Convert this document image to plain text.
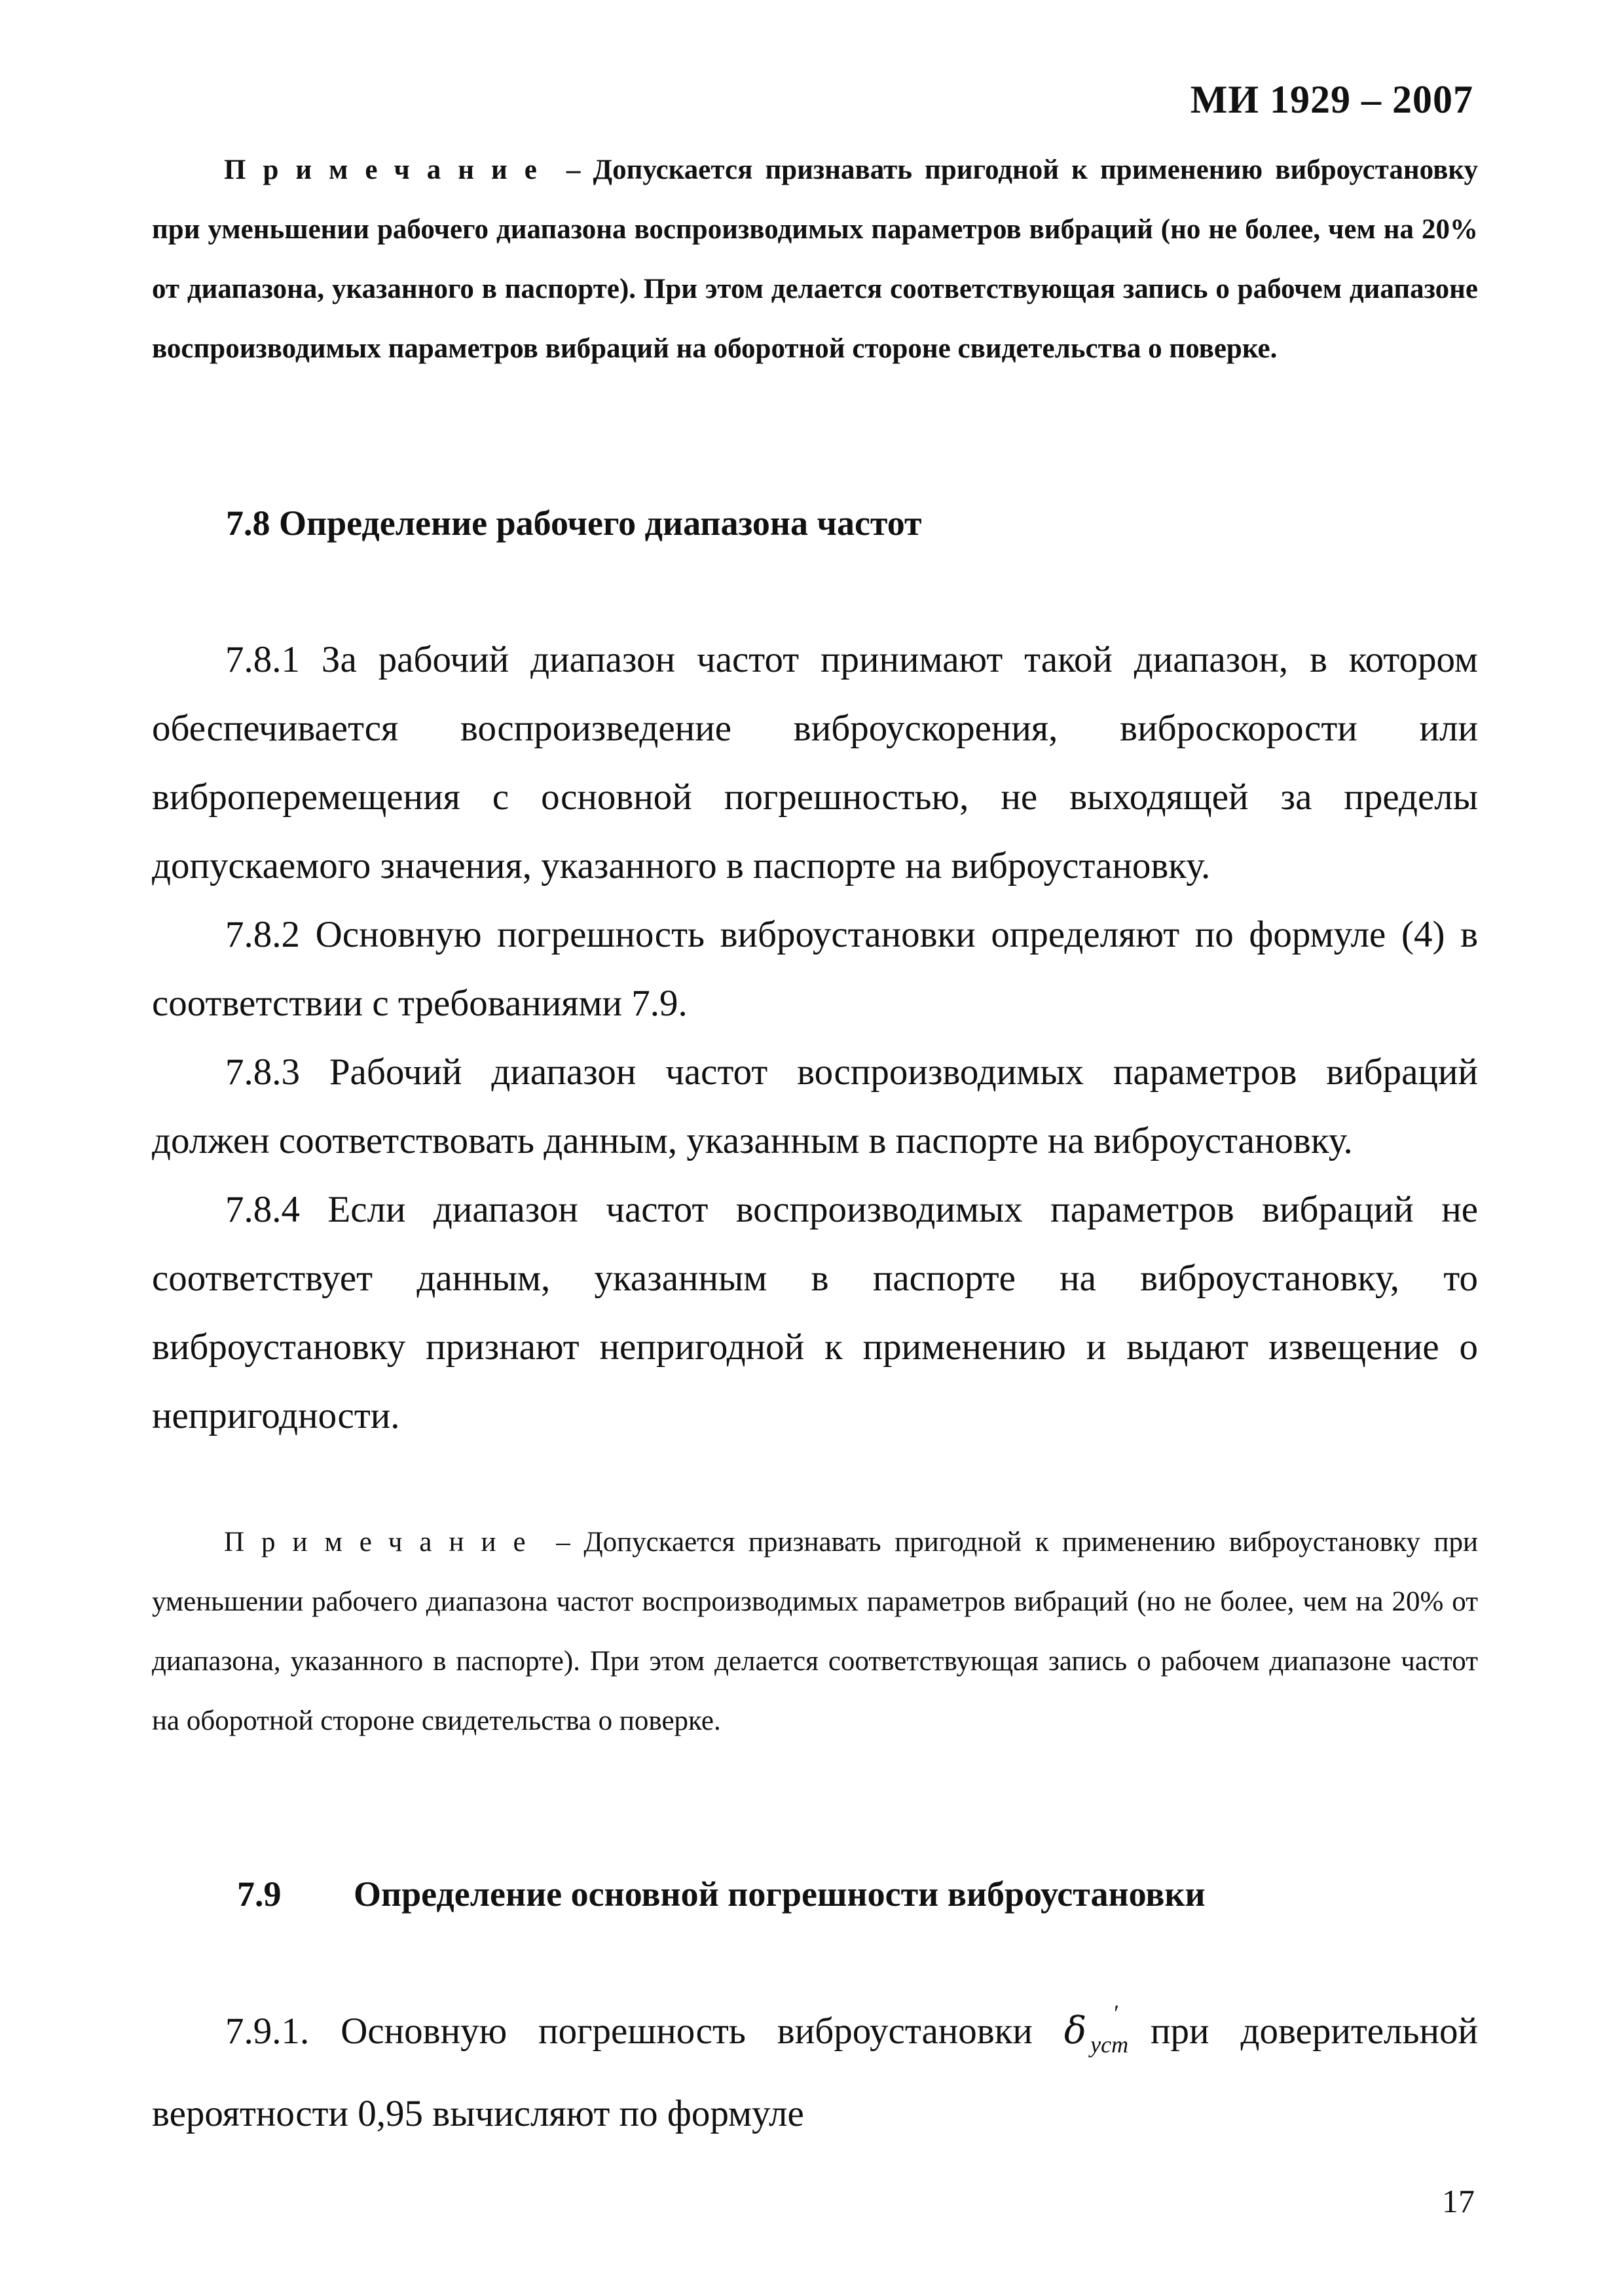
МИ 1929 – 2007
Примечание – Допускается признавать пригодной к применению виброустановку при уменьшении рабочего диапазона воспроизводимых параметров вибраций (но не более, чем на 20% от диапазона, указанного в паспорте). При этом делается соответствующая запись о рабочем диапазоне воспроизводимых параметров вибраций на оборотной стороне свидетельства о поверке.
7.8 Определение рабочего диапазона частот

7.8.1 За рабочий диапазон частот принимают такой диапазон, в котором обеспечивается воспроизведение виброускорения, виброскорости или виброперемещения с основной погрешностью, не выходящей за пределы допускаемого значения, указанного в паспорте на виброустановку.

7.8.2 Основную погрешность виброустановки определяют по формуле (4) в соответствии с требованиями 7.9.

7.8.3 Рабочий диапазон частот воспроизводимых параметров вибраций должен соответствовать данным, указанным в паспорте на виброустановку.

7.8.4 Если диапазон частот воспроизводимых параметров вибраций не соответствует данным, указанным в паспорте на виброустановку, то виброустановку признают непригодной к применению и выдают извещение о непригодности.

Примечание – Допускается признавать пригодной к применению виброустановку при уменьшении рабочего диапазона частот воспроизводимых параметров вибраций (но не более, чем на 20% от диапазона, указанного в паспорте). При этом делается соответствующая запись о рабочем диапазоне частот на оборотной стороне свидетельства о поверке.
7.9 Определение основной погрешности виброустановки

7.9.1. Основную погрешность виброустановки δ $_{уст}$′ при доверительной вероятности 0,95 вычисляют по формуле

17
